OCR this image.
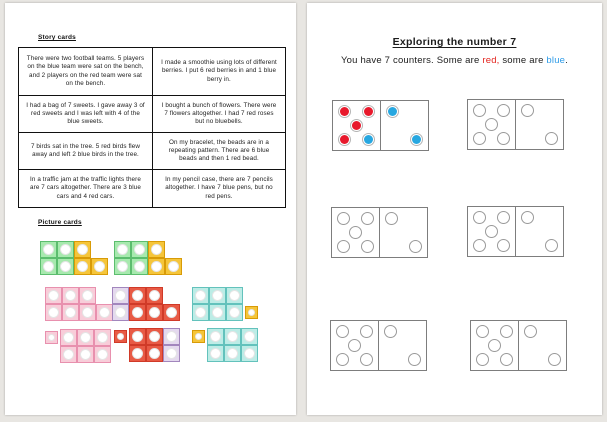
Story cards
There were two football teams. 5 players on the blue team were sat on the bench, and 2 players on the red team were sat on the bench.	I made a smoothie using lots of different berries. I put 6 red berries in and 1 blue berry in.
I had a bag of 7 sweets. I gave away 3 of red sweets and I was left with 4 of the blue sweets.	I bought a bunch of flowers. There were 7 flowers altogether. I had 7 red roses but no bluebells.
7 birds sat in the tree. 5 red birds flew away and left 2 blue birds in the tree.	On my bracelet, the beads are in a repeating pattern. There are 6 blue beads and then 1 red bead.
In a traffic jam at the traffic lights there are 7 cars altogether. There are 3 blue cars and 4 red cars.	In my pencil case, there are 7 pencils altogether. I have 7 blue pens, but no red pens.
Picture cards
Exploring the number 7
You have 7 counters. Some are red, some are blue.
